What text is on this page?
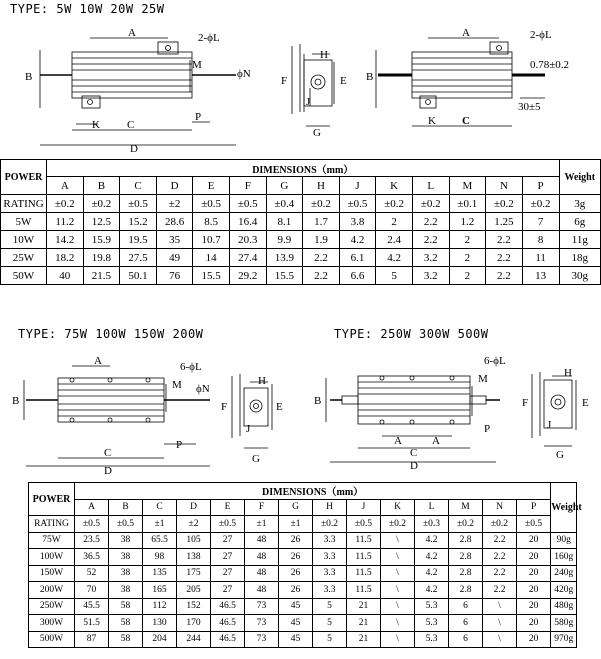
TYPE: 5W 10W 20W 25W
TYPE: 75W 100W 150W 200W	TYPE: 250W 300W 500W
A
B
C
D
K
M
P
2-ϕL
ϕN
H
F	E
G
J
A
B
C
K
2-ϕL
0.78±0.2
30±5
A
B
C
D
M
P
6-ϕL
ϕN
H
F	E
G
J
A	A
B
C
D
M
P
6-ϕL
H
F	E
G
J
POWER	DIMENSIONS（mm）														Weight
	A	B	C	D	E	F	G	H	J	K	L	M	N	P	
RATING	±0.2	±0.2	±0.5	±2	±0.5	±0.5	±0.4	±0.2	±0.5	±0.2	±0.2	±0.1	±0.2	±0.2	3g
5W	11.2	12.5	15.2	28.6	8.5	16.4	8.1	1.7	3.8	2	2.2	1.2	1.25	7	6g
10W	14.2	15.9	19.5	35	10.7	20.3	9.9	1.9	4.2	2.4	2.2	2	2.2	8	11g
25W	18.2	19.8	27.5	49	14	27.4	13.9	2.2	6.1	4.2	3.2	2	2.2	11	18g
50W	40	21.5	50.1	76	15.5	29.2	15.5	2.2	6.6	5	3.2	2	2.2	13	30g
POWER	DIMENSIONS（mm）														Weight
	A	B	C	D	E	F	G	H	J	K	L	M	N	P	
RATING	±0.5	±0.5	±1	±2	±0.5	±1	±1	±0.2	±0.5	±0.2	±0.3	±0.2	±0.2	±0.5	
75W	23.5	38	65.5	105	27	48	26	3.3	11.5	\	4.2	2.8	2.2	20	90g
100W	36.5	38	98	138	27	48	26	3.3	11.5	\	4.2	2.8	2.2	20	160g
150W	52	38	135	175	27	48	26	3.3	11.5	\	4.2	2.8	2.2	20	240g
200W	70	38	165	205	27	48	26	3.3	11.5	\	4.2	2.8	2.2	20	420g
250W	45.5	58	112	152	46.5	73	45	5	21	\	5.3	6	\	20	480g
300W	51.5	58	130	170	46.5	73	45	5	21	\	5.3	6	\	20	580g
500W	87	58	204	244	46.5	73	45	5	21	\	5.3	6	\	20	970g
